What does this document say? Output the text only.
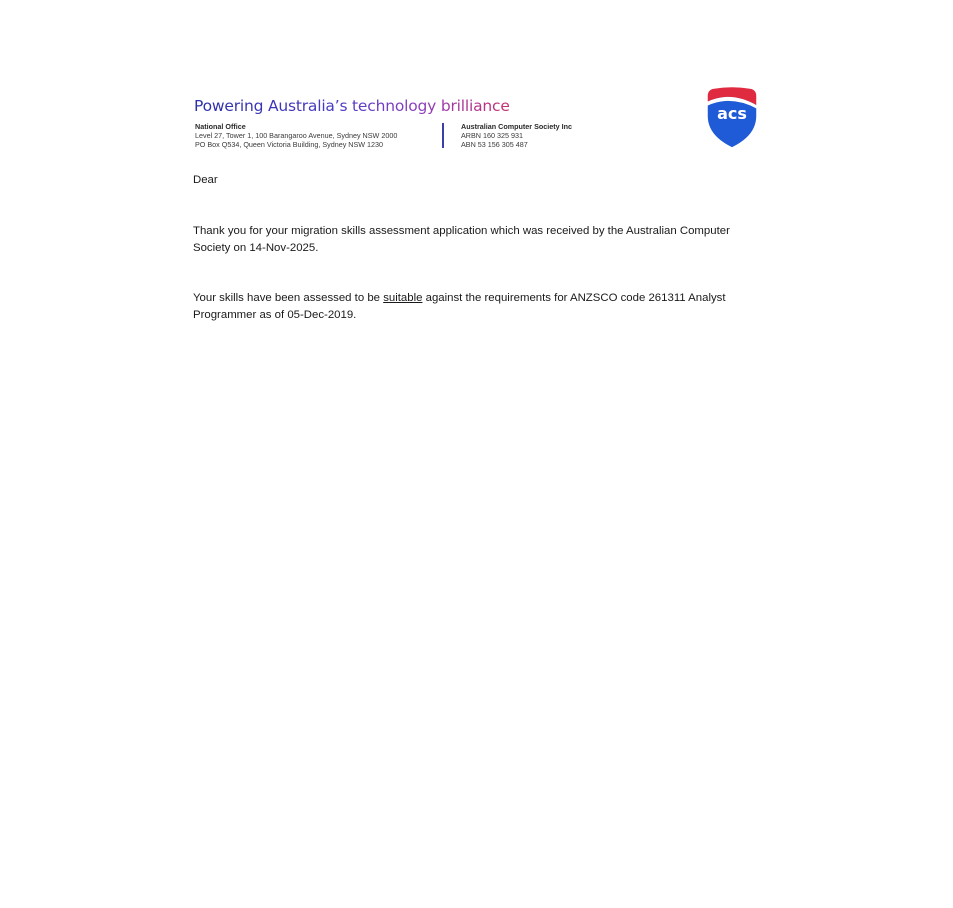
Powering Australia’s technology brilliance
National Office
Level 27, Tower 1, 100 Barangaroo Avenue, Sydney NSW 2000
PO Box Q534, Queen Victoria Building, Sydney NSW 1230
Australian Computer Society Inc
ARBN 160 325 931
ABN 53 156 305 487
acs

Dear

Thank you for your migration skills assessment application which was received by the Australian Computer Society on 14-Nov-2025.

Your skills have been assessed to be suitable against the requirements for ANZSCO code 261311 Analyst Programmer as of 05-Dec-2019.
